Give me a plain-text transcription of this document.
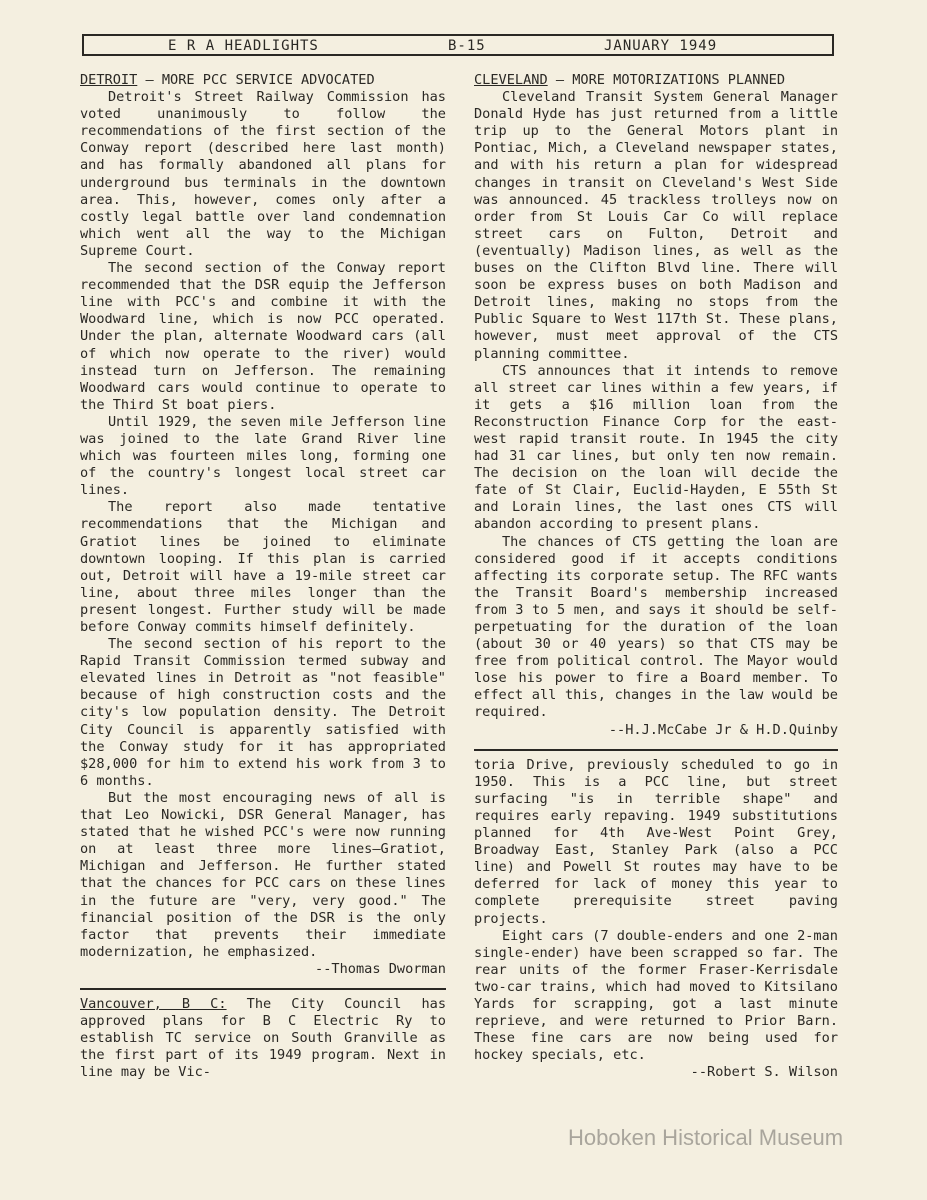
E R A HEADLIGHTS	B-15	JANUARY 1949

DETROIT — MORE PCC SERVICE ADVOCATED

Detroit's Street Railway Commission has voted unanimously to follow the recommendations of the first section of the Conway report (described here last month) and has formally abandoned all plans for underground bus terminals in the downtown area. This, however, comes only after a costly legal battle over land condemnation which went all the way to the Michigan Supreme Court.

The second section of the Conway report recommended that the DSR equip the Jefferson line with PCC's and combine it with the Woodward line, which is now PCC operated. Under the plan, alternate Woodward cars (all of which now operate to the river) would instead turn on Jefferson. The remaining Woodward cars would continue to operate to the Third St boat piers.

Until 1929, the seven mile Jefferson line was joined to the late Grand River line which was fourteen miles long, forming one of the country's longest local street car lines.

The report also made tentative recommendations that the Michigan and Gratiot lines be joined to eliminate downtown looping. If this plan is carried out, Detroit will have a 19-mile street car line, about three miles longer than the present longest. Further study will be made before Conway commits himself definitely.

The second section of his report to the Rapid Transit Commission termed subway and elevated lines in Detroit as "not feasible" because of high construction costs and the city's low population density. The Detroit City Council is apparently satisfied with the Conway study for it has appropriated $28,000 for him to extend his work from 3 to 6 months.

But the most encouraging news of all is that Leo Nowicki, DSR General Manager, has stated that he wished PCC's were now running on at least three more lines—Gratiot, Michigan and Jefferson. He further stated that the chances for PCC cars on these lines in the future are "very, very good." The financial position of the DSR is the only factor that prevents their immediate modernization, he emphasized.

--Thomas Dworman

Vancouver, B C: The City Council has approved plans for B C Electric Ry to establish TC service on South Granville as the first part of its 1949 program. Next in line may be Vic-

CLEVELAND — MORE MOTORIZATIONS PLANNED

Cleveland Transit System General Manager Donald Hyde has just returned from a little trip up to the General Motors plant in Pontiac, Mich, a Cleveland newspaper states, and with his return a plan for widespread changes in transit on Cleveland's West Side was announced. 45 trackless trolleys now on order from St Louis Car Co will replace street cars on Fulton, Detroit and (eventually) Madison lines, as well as the buses on the Clifton Blvd line. There will soon be express buses on both Madison and Detroit lines, making no stops from the Public Square to West 117th St. These plans, however, must meet approval of the CTS planning committee.

CTS announces that it intends to remove all street car lines within a few years, if it gets a $16 million loan from the Reconstruction Finance Corp for the east-west rapid transit route. In 1945 the city had 31 car lines, but only ten now remain. The decision on the loan will decide the fate of St Clair, Euclid-Hayden, E 55th St and Lorain lines, the last ones CTS will abandon according to present plans.

The chances of CTS getting the loan are considered good if it accepts conditions affecting its corporate setup. The RFC wants the Transit Board's membership increased from 3 to 5 men, and says it should be self-perpetuating for the duration of the loan (about 30 or 40 years) so that CTS may be free from political control. The Mayor would lose his power to fire a Board member. To effect all this, changes in the law would be required.

--H.J.McCabe Jr & H.D.Quinby

toria Drive, previously scheduled to go in 1950. This is a PCC line, but street surfacing "is in terrible shape" and requires early repaving. 1949 substitutions planned for 4th Ave-West Point Grey, Broadway East, Stanley Park (also a PCC line) and Powell St routes may have to be deferred for lack of money this year to complete prerequisite street paving projects.

Eight cars (7 double-enders and one 2-man single-ender) have been scrapped so far. The rear units of the former Fraser-Kerrisdale two-car trains, which had moved to Kitsilano Yards for scrapping, got a last minute reprieve, and were returned to Prior Barn. These fine cars are now being used for hockey specials, etc.

--Robert S. Wilson

Hoboken Historical Museum
